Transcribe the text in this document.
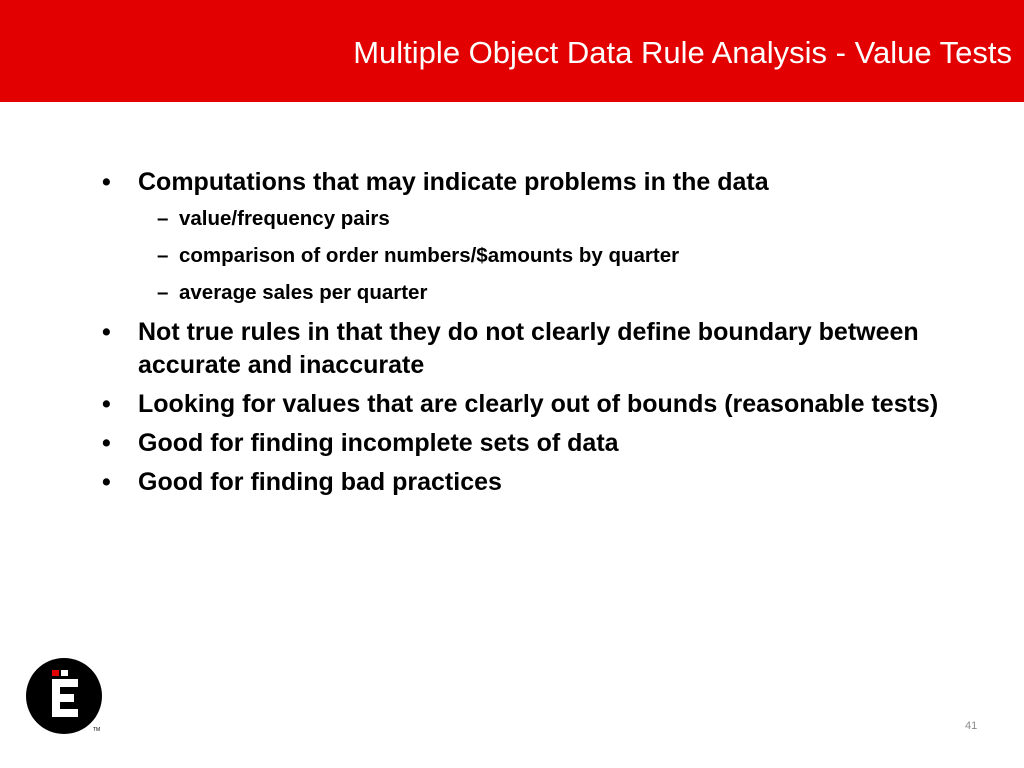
Multiple Object Data Rule Analysis - Value Tests
• Computations that may indicate problems in the data
– value/frequency pairs
– comparison of order numbers/$amounts by quarter
– average sales per quarter
• Not true rules in that they do not clearly define boundary between accurate and inaccurate
• Looking for values that are clearly out of bounds (reasonable tests)
• Good for finding incomplete sets of data
• Good for finding bad practices
TM	41
